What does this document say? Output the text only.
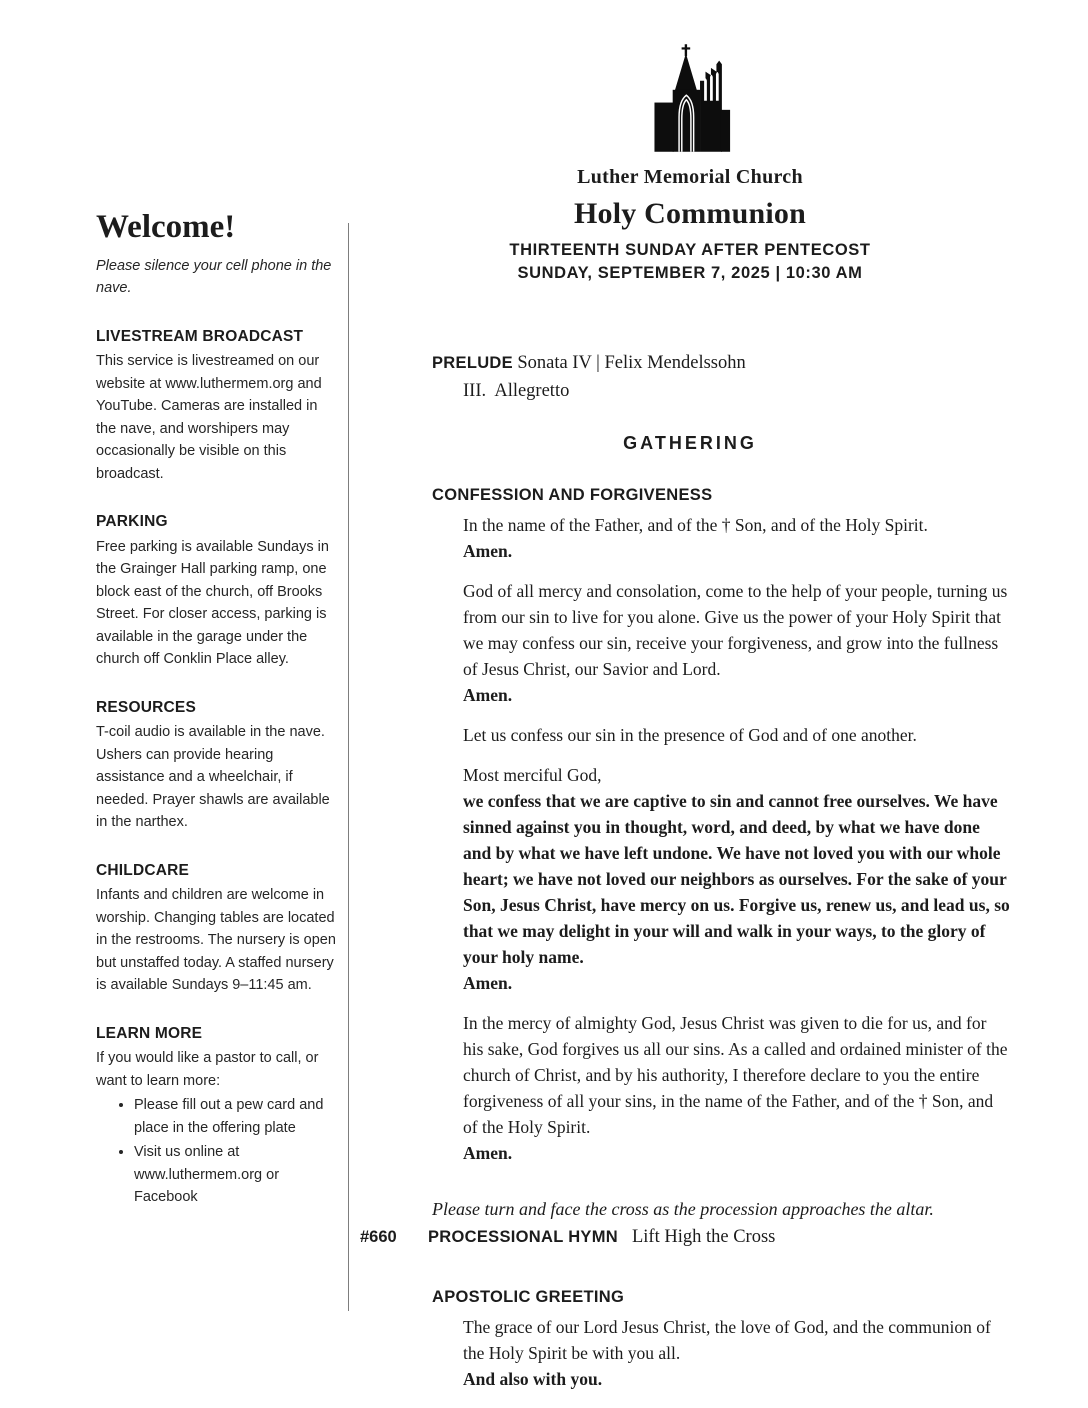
Luther Memorial Church

Holy Communion

THIRTEENTH SUNDAY AFTER PENTECOST

SUNDAY, SEPTEMBER 7, 2025 | 10:30 AM

Welcome!

Please silence your cell phone in the nave.

LIVESTREAM BROADCAST

This service is livestreamed on our website at www.luthermem.org and YouTube. Cameras are installed in the nave, and worshipers may occasionally be visible on this broadcast.

PARKING

Free parking is available Sundays in the Grainger Hall parking ramp, one block east of the church, off Brooks Street. For closer access, parking is available in the garage under the church off Conklin Place alley.

RESOURCES

T-coil audio is available in the nave. Ushers can provide hearing assistance and a wheelchair, if needed. Prayer shawls are available in the narthex.

CHILDCARE

Infants and children are welcome in worship. Changing tables are located in the restrooms. The nursery is open but unstaffed today. A staffed nursery is available Sundays 9–11:45 am.

LEARN MORE

If you would like a pastor to call, or want to learn more:

• Please fill out a pew card and place in the offering plate
• Visit us online at www.luthermem.org or Facebook
PRELUDE Sonata IV | Felix Mendelssohn
III.  Allegretto
GATHERING
CONFESSION AND FORGIVENESS

In the name of the Father, and of the † Son, and of the Holy Spirit.
Amen.

God of all mercy and consolation, come to the help of your people, turning us from our sin to live for you alone. Give us the power of your Holy Spirit that we may confess our sin, receive your forgiveness, and grow into the fullness of Jesus Christ, our Savior and Lord.
Amen.

Let us confess our sin in the presence of God and of one another.

Most merciful God,
we confess that we are captive to sin and cannot free ourselves. We have sinned against you in thought, word, and deed, by what we have done and by what we have left undone. We have not loved you with our whole heart; we have not loved our neighbors as ourselves. For the sake of your Son, Jesus Christ, have mercy on us. Forgive us, renew us, and lead us, so that we may delight in your will and walk in your ways, to the glory of your holy name.
Amen.

In the mercy of almighty God, Jesus Christ was given to die for us, and for his sake, God forgives us all our sins. As a called and ordained minister of the church of Christ, and by his authority, I therefore declare to you the entire forgiveness of all your sins, in the name of the Father, and of the † Son, and of the Holy Spirit.
Amen.

Please turn and face the cross as the procession approaches the altar.
#660	PROCESSIONAL HYMN Lift High the Cross
APOSTOLIC GREETING

The grace of our Lord Jesus Christ, the love of God, and the communion of the Holy Spirit be with you all.
And also with you.
